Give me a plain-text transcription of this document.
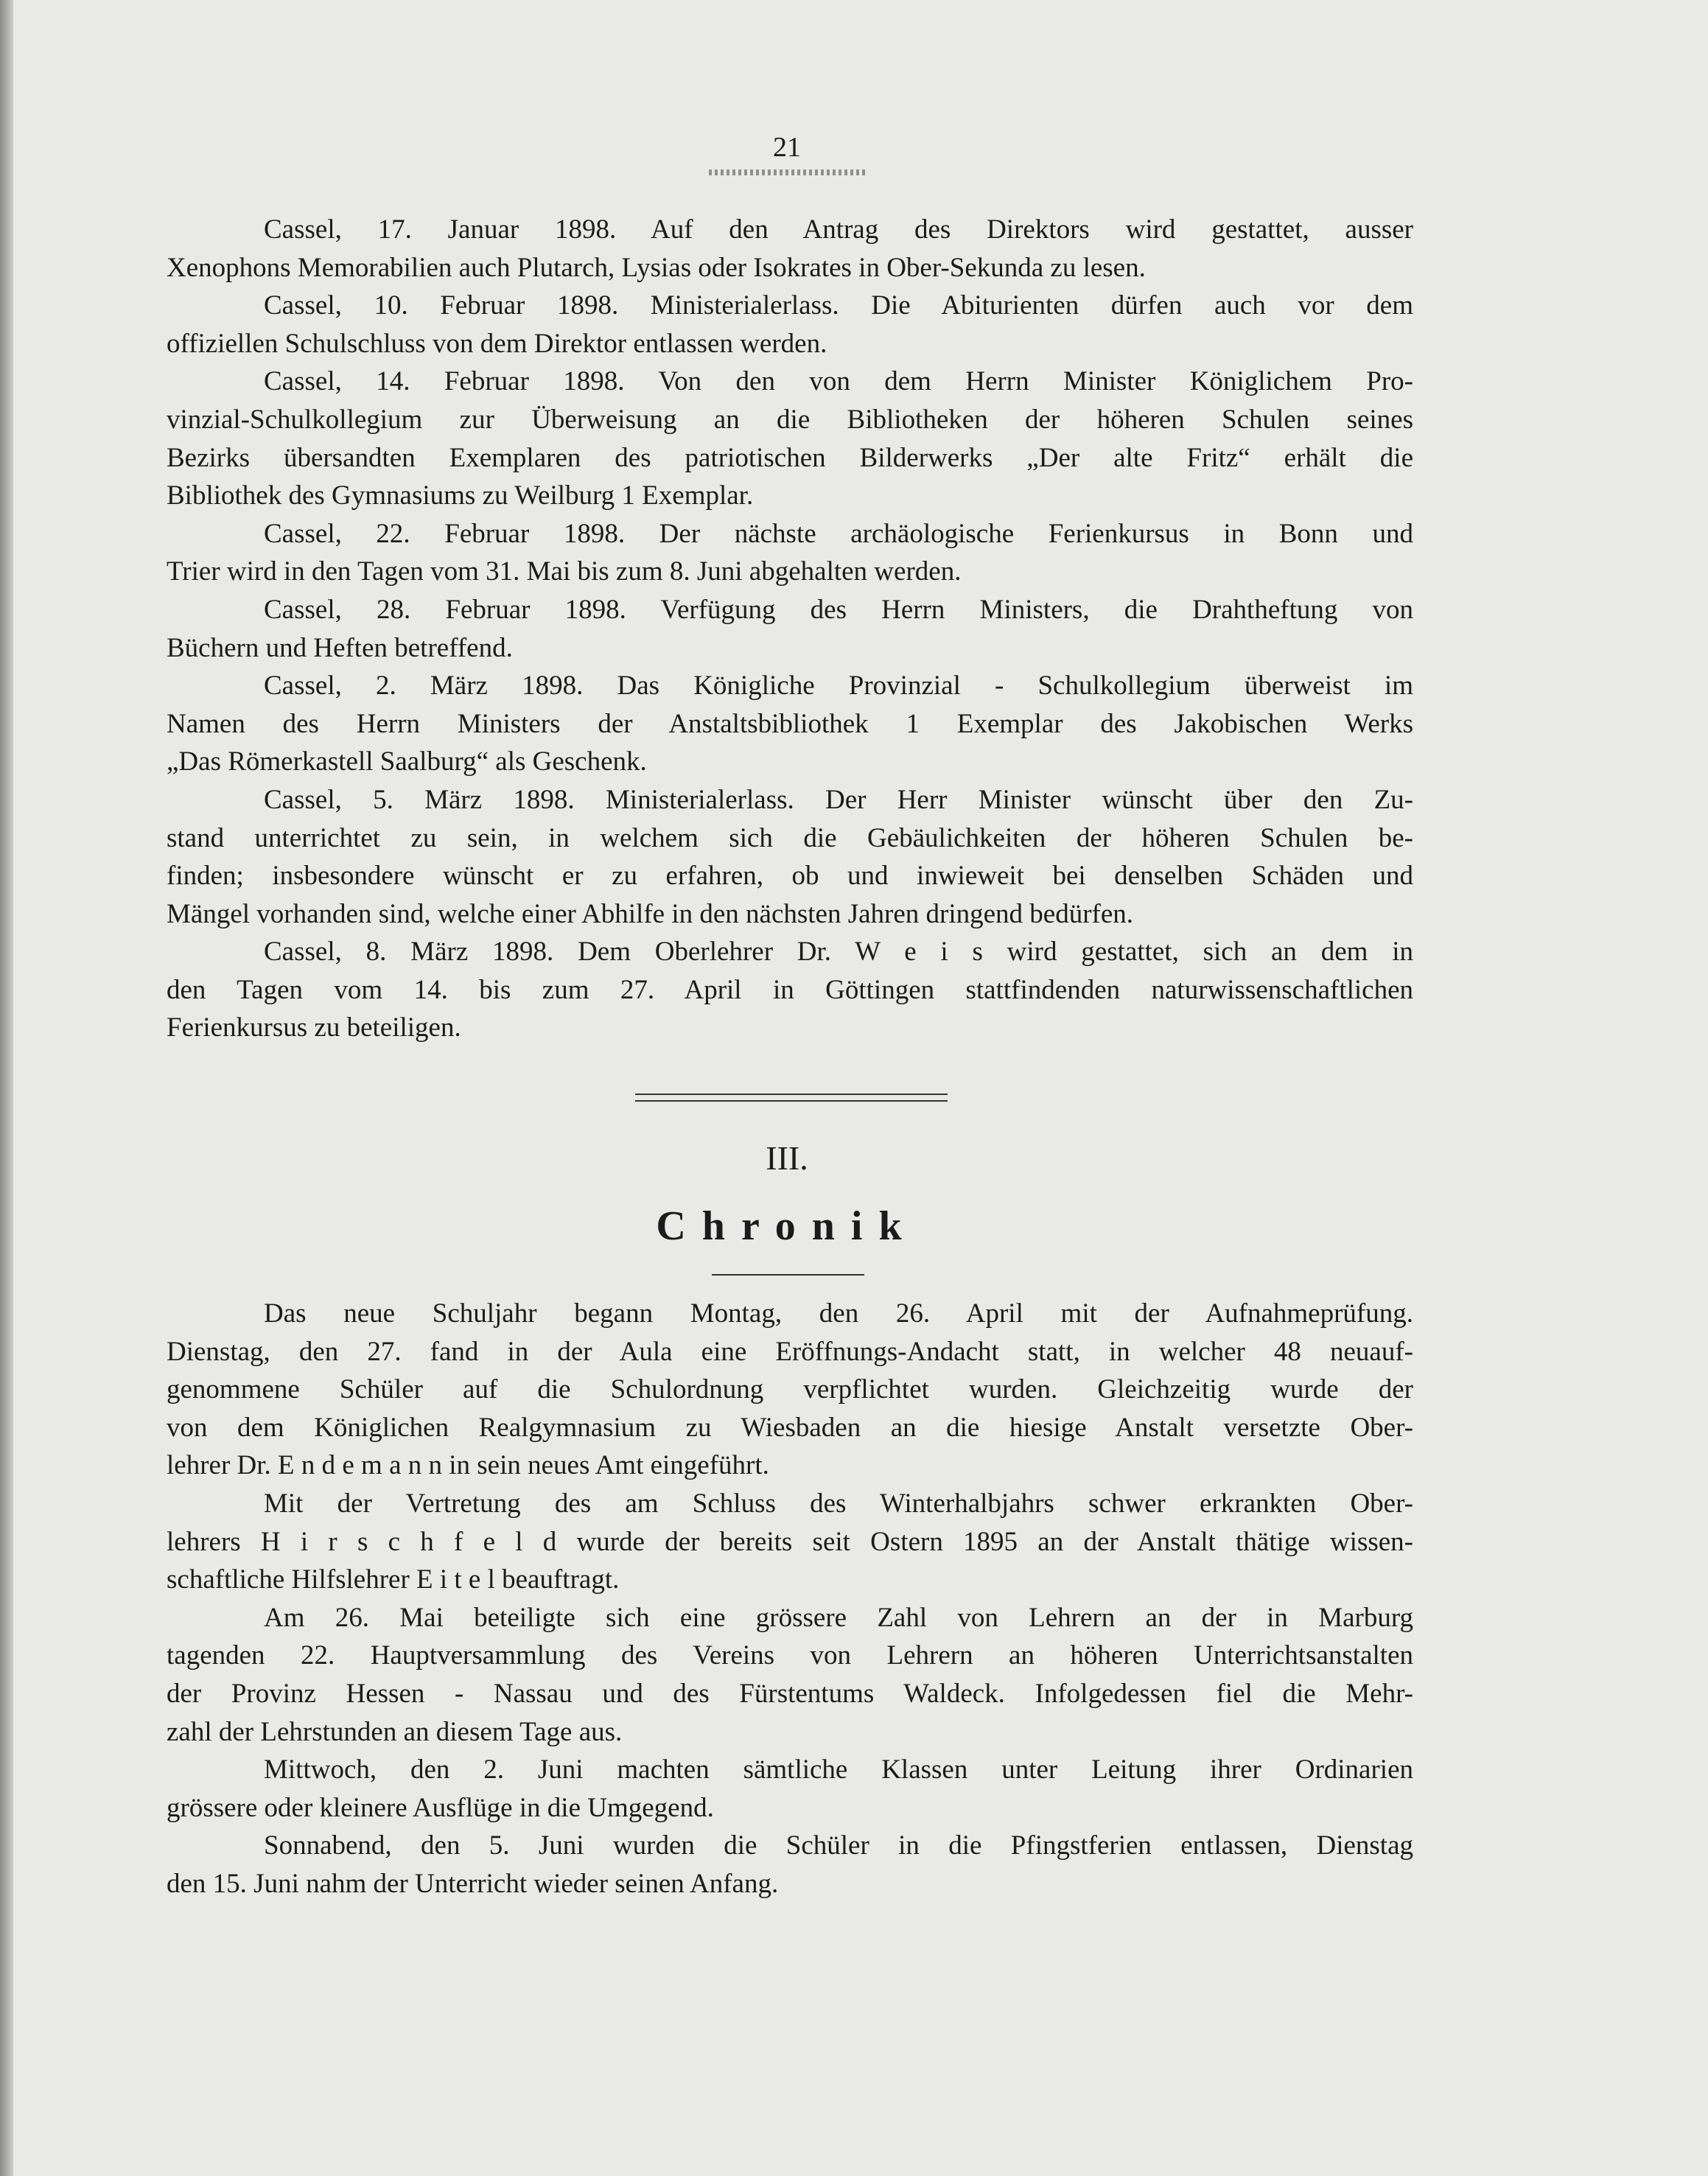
21
Cassel, 17. Januar 1898. Auf den Antrag des Direktors wird gestattet, ausser
Xenophons Memorabilien auch Plutarch, Lysias oder Isokrates in Ober-Sekunda zu lesen.
Cassel, 10. Februar 1898. Ministerialerlass. Die Abiturienten dürfen auch vor dem
offiziellen Schulschluss von dem Direktor entlassen werden.
Cassel, 14. Februar 1898. Von den von dem Herrn Minister Königlichem Pro-
vinzial-Schulkollegium zur Überweisung an die Bibliotheken der höheren Schulen seines
Bezirks übersandten Exemplaren des patriotischen Bilderwerks „Der alte Fritz“ erhält die
Bibliothek des Gymnasiums zu Weilburg 1 Exemplar.
Cassel, 22. Februar 1898. Der nächste archäologische Ferienkursus in Bonn und
Trier wird in den Tagen vom 31. Mai bis zum 8. Juni abgehalten werden.
Cassel, 28. Februar 1898. Verfügung des Herrn Ministers, die Drahtheftung von
Büchern und Heften betreffend.
Cassel, 2. März 1898. Das Königliche Provinzial - Schulkollegium überweist im
Namen des Herrn Ministers der Anstaltsbibliothek 1 Exemplar des Jakobischen Werks
„Das Römerkastell Saalburg“ als Geschenk.
Cassel, 5. März 1898. Ministerialerlass. Der Herr Minister wünscht über den Zu-
stand unterrichtet zu sein, in welchem sich die Gebäulichkeiten der höheren Schulen be-
finden; insbesondere wünscht er zu erfahren, ob und inwieweit bei denselben Schäden und
Mängel vorhanden sind, welche einer Abhilfe in den nächsten Jahren dringend bedürfen.
Cassel, 8. März 1898. Dem Oberlehrer Dr. W e i s wird gestattet, sich an dem in
den Tagen vom 14. bis zum 27. April in Göttingen stattfindenden naturwissenschaftlichen
Ferienkursus zu beteiligen.
III.
Chronik
Das neue Schuljahr begann Montag, den 26. April mit der Aufnahmeprüfung.
Dienstag, den 27. fand in der Aula eine Eröffnungs-Andacht statt, in welcher 48 neuauf-
genommene Schüler auf die Schulordnung verpflichtet wurden. Gleichzeitig wurde der
von dem Königlichen Realgymnasium zu Wiesbaden an die hiesige Anstalt versetzte Ober-
lehrer Dr. E n d e m a n n in sein neues Amt eingeführt.
Mit der Vertretung des am Schluss des Winterhalbjahrs schwer erkrankten Ober-
lehrers H i r s c h f e l d wurde der bereits seit Ostern 1895 an der Anstalt thätige wissen-
schaftliche Hilfslehrer E i t e l beauftragt.
Am 26. Mai beteiligte sich eine grössere Zahl von Lehrern an der in Marburg
tagenden 22. Hauptversammlung des Vereins von Lehrern an höheren Unterrichtsanstalten
der Provinz Hessen - Nassau und des Fürstentums Waldeck. Infolgedessen fiel die Mehr-
zahl der Lehrstunden an diesem Tage aus.
Mittwoch, den 2. Juni machten sämtliche Klassen unter Leitung ihrer Ordinarien
grössere oder kleinere Ausflüge in die Umgegend.
Sonnabend, den 5. Juni wurden die Schüler in die Pfingstferien entlassen, Dienstag
den 15. Juni nahm der Unterricht wieder seinen Anfang.
